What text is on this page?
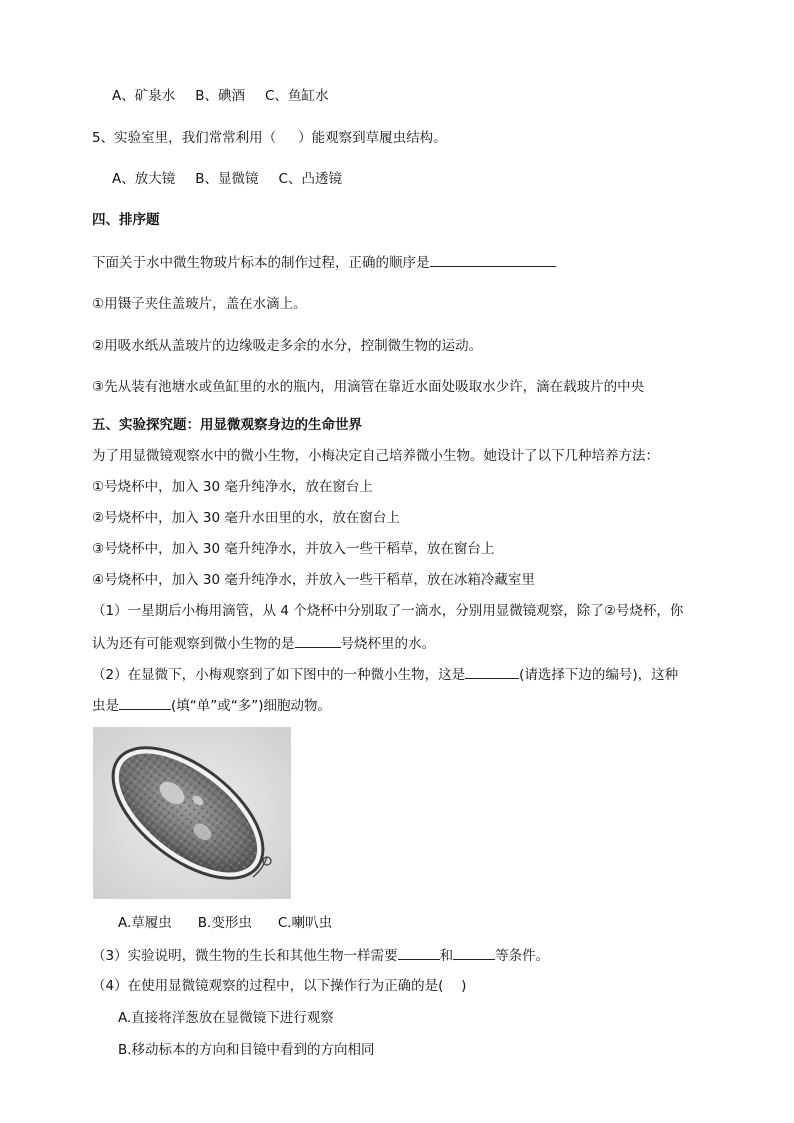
A、矿泉水 B、碘酒 C、鱼缸水
5、实验室里，我们常常利用（ ）能观察到草履虫结构。
A、放大镜 B、显微镜 C、凸透镜
四、排序题
下面关于水中微生物玻片标本的制作过程，正确的顺序是
①用镊子夹住盖玻片，盖在水滴上。
②用吸水纸从盖玻片的边缘吸走多余的水分，控制微生物的运动。
③先从装有池塘水或鱼缸里的水的瓶内，用滴管在靠近水面处吸取水少许，滴在载玻片的中央
五、实验探究题：用显微观察身边的生命世界
为了用显微镜观察水中的微小生物，小梅决定自己培养微小生物。她设计了以下几种培养方法：
①号烧杯中，加入 30 毫升纯净水，放在窗台上
②号烧杯中，加入 30 毫升水田里的水，放在窗台上
③号烧杯中，加入 30 毫升纯净水，并放入一些干稻草，放在窗台上
④号烧杯中，加入 30 毫升纯净水，并放入一些干稻草，放在冰箱冷藏室里
（1）一星期后小梅用滴管，从 4 个烧杯中分别取了一滴水，分别用显微镜观察，除了②号烧杯，你
认为还有可能观察到微小生物的是	号烧杯里的水。
（2）在显微下，小梅观察到了如下图中的一种微小生物，这是	(请选择下边的编号)，这种
虫是	(填“单”或“多”)细胞动物。
A.草履虫 B.变形虫 C.喇叭虫
（3）实验说明，微生物的生长和其他生物一样需要	和	等条件。
（4）在使用显微镜观察的过程中，以下操作行为正确的是(　 )
A.直接将洋葱放在显微镜下进行观察
B.移动标本的方向和目镜中看到的方向相同
